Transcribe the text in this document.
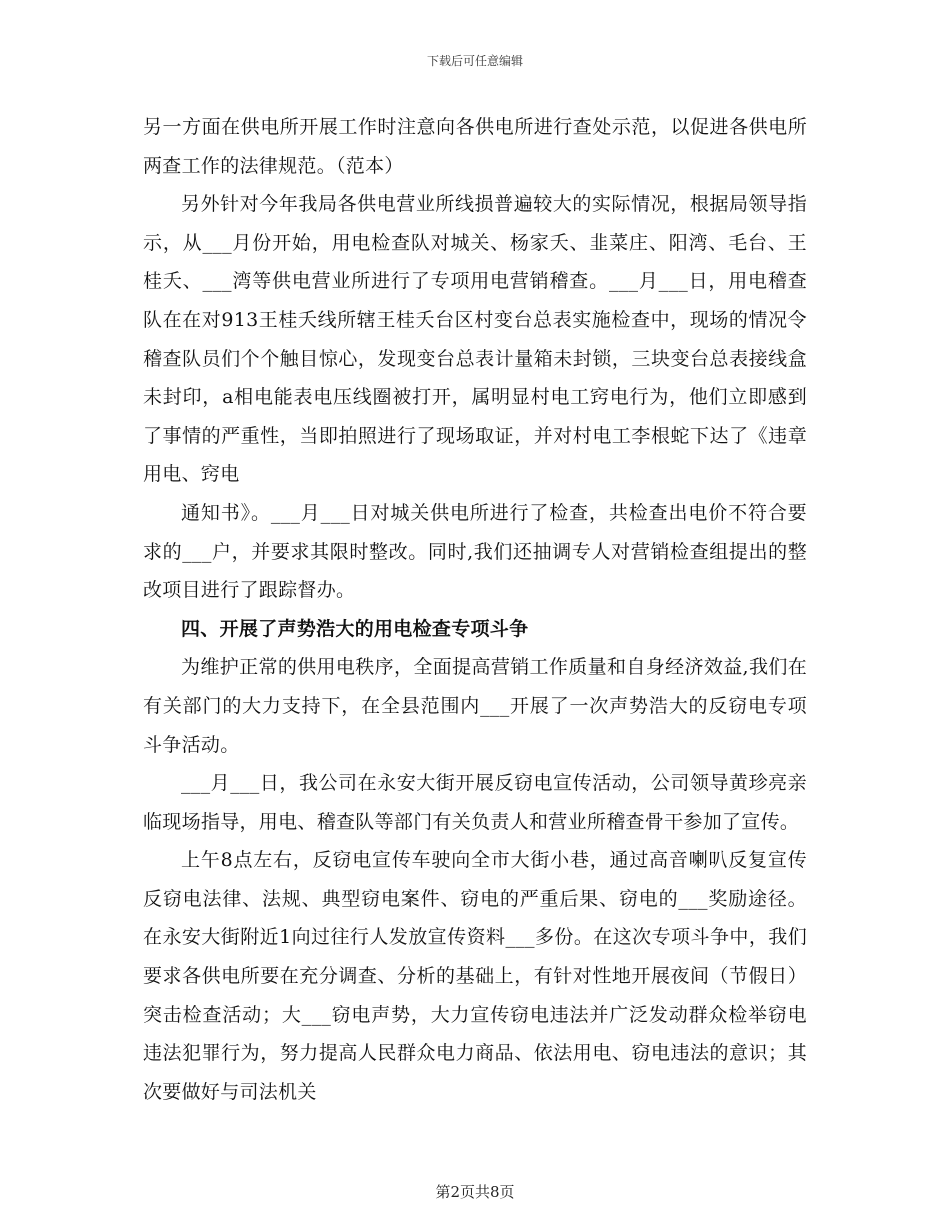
下载后可任意编辑

另一方面在供电所开展工作时注意向各供电所进行查处示范，以促进各供电所两查工作的法律规范。（范本）

另外针对今年我局各供电营业所线损普遍较大的实际情况，根据局领导指示，从___月份开始，用电检查队对城关、杨家夭、韭菜庄、阳湾、毛台、王桂夭、___湾等供电营业所进行了专项用电营销稽查。___月___日，用电稽查队在在对913王桂夭线所辖王桂夭台区村变台总表实施检查中，现场的情况令稽查队员们个个触目惊心，发现变台总表计量箱未封锁，三块变台总表接线盒未封印，a相电能表电压线圈被打开，属明显村电工窍电行为，他们立即感到了事情的严重性，当即拍照进行了现场取证，并对村电工李根蛇下达了《违章用电、窍电

通知书》。___月___日对城关供电所进行了检查，共检查出电价不符合要求的___户，并要求其限时整改。同时,我们还抽调专人对营销检查组提出的整改项目进行了跟踪督办。

四、开展了声势浩大的用电检查专项斗争

为维护正常的供用电秩序，全面提高营销工作质量和自身经济效益,我们在有关部门的大力支持下，在全县范围内___开展了一次声势浩大的反窃电专项斗争活动。

___月___日，我公司在永安大街开展反窃电宣传活动，公司领导黄珍亮亲临现场指导，用电、稽查队等部门有关负责人和营业所稽查骨干参加了宣传。

上午8点左右，反窃电宣传车驶向全市大街小巷，通过高音喇叭反复宣传反窃电法律、法规、典型窃电案件、窃电的严重后果、窃电的___奖励途径。在永安大街附近1向过往行人发放宣传资料___多份。在这次专项斗争中，我们要求各供电所要在充分调查、分析的基础上，有针对性地开展夜间（节假日）突击检查活动；大___窃电声势，大力宣传窃电违法并广泛发动群众检举窃电违法犯罪行为，努力提高人民群众电力商品、依法用电、窃电违法的意识；其次要做好与司法机关

第2页共8页
